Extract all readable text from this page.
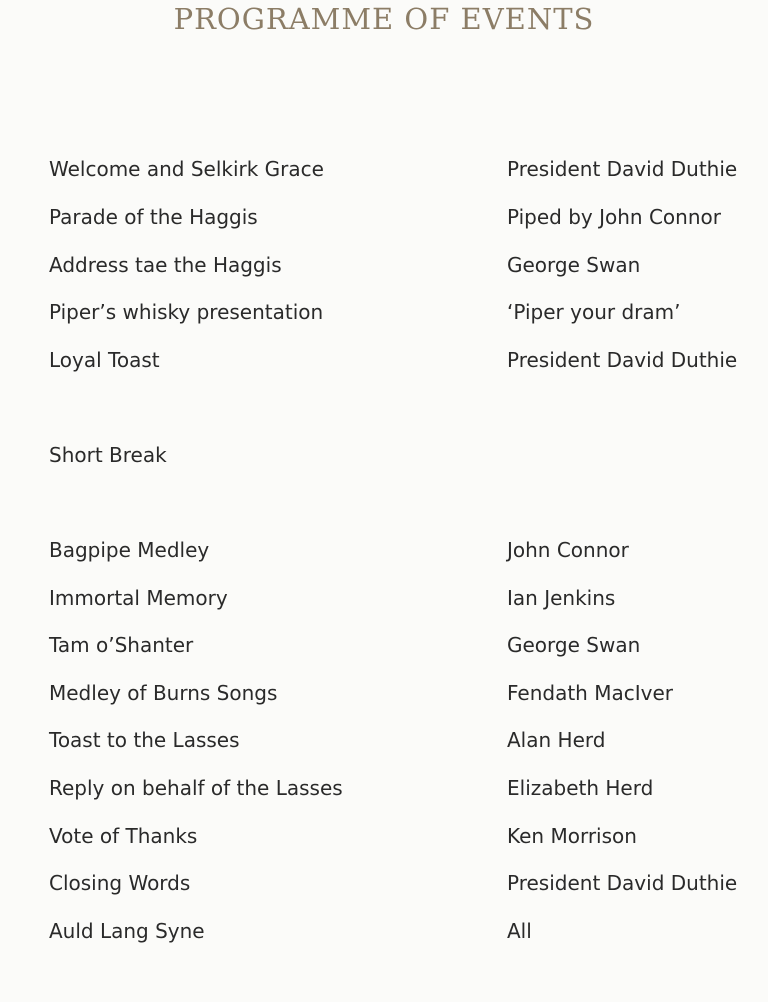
PROGRAMME OF EVENTS
Welcome and Selkirk Grace	President David Duthie
Parade of the Haggis	Piped by John Connor
Address tae the Haggis	George Swan
Piper’s whisky presentation	‘Piper your dram’
Loyal Toast	President David Duthie
Short Break
Bagpipe Medley	John Connor
Immortal Memory	Ian Jenkins
Tam o’Shanter	George Swan
Medley of Burns Songs	Fendath MacIver
Toast to the Lasses	Alan Herd
Reply on behalf of the Lasses	Elizabeth Herd
Vote of Thanks	Ken Morrison
Closing Words	President David Duthie
Auld Lang Syne	All
